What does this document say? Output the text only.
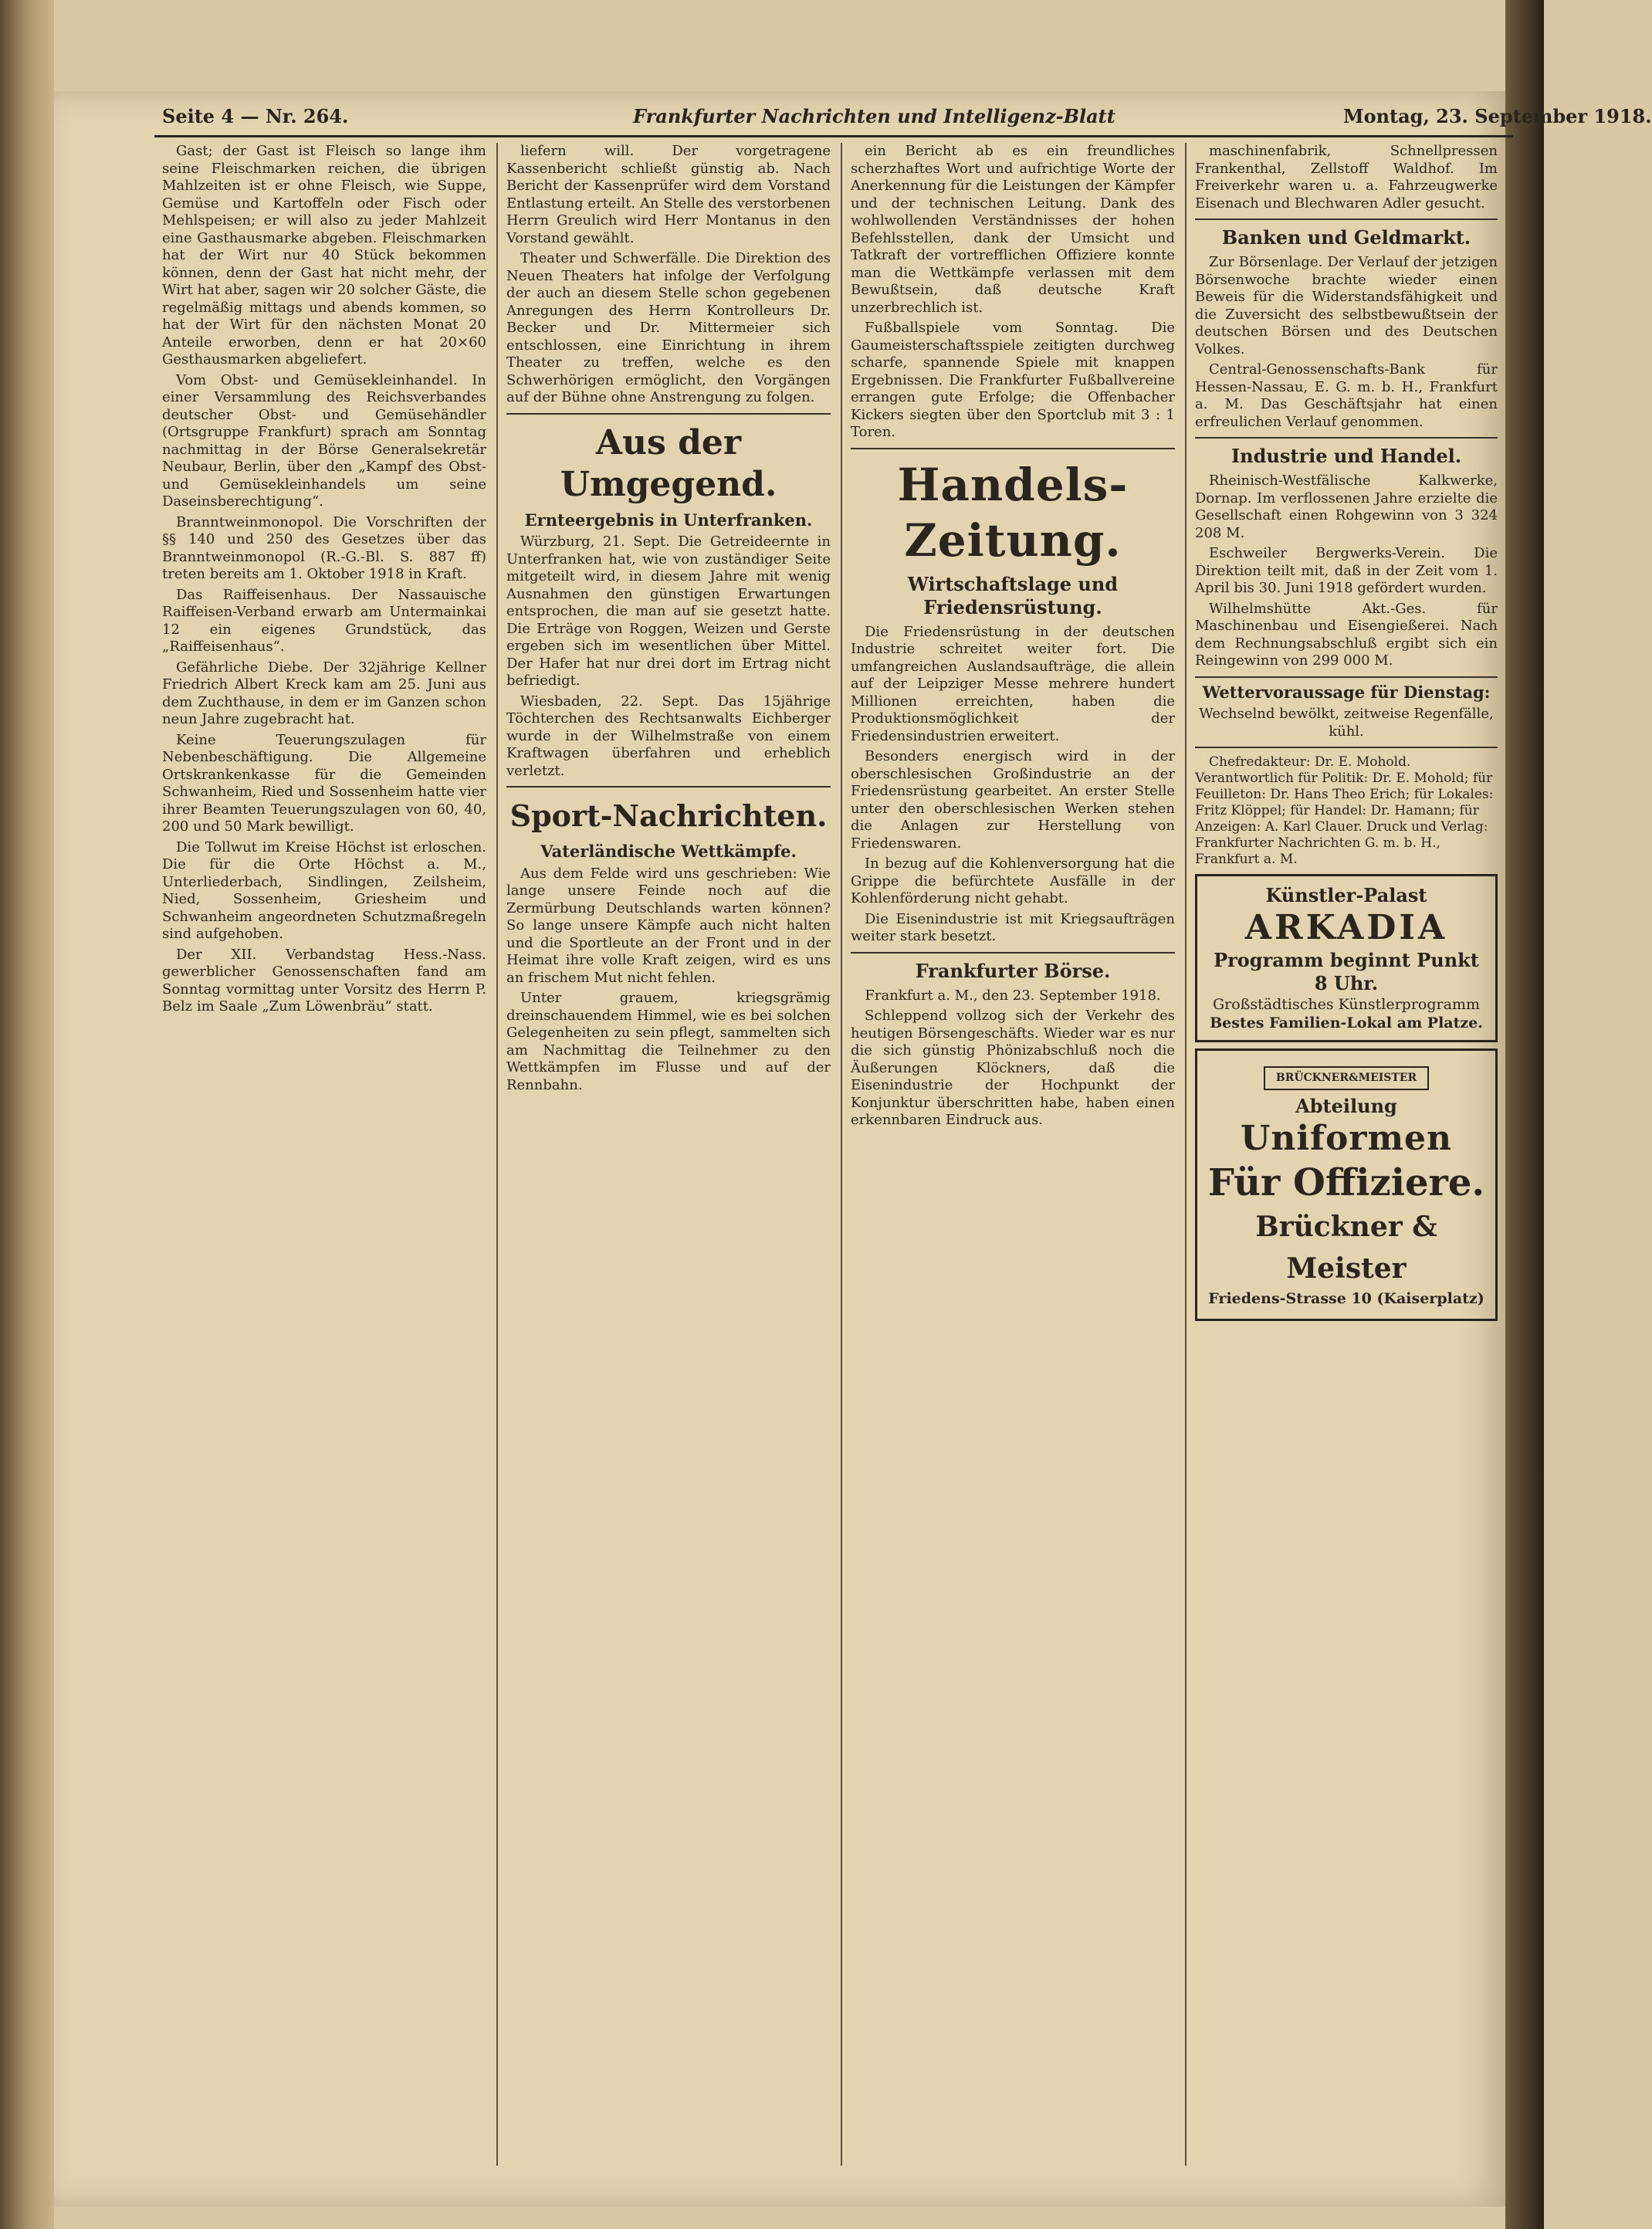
Seite 4 — Nr. 264.	Frankfurter Nachrichten und Intelligenz-Blatt	Montag, 23. September 1918.

Gast; der Gast ist Fleisch so lange ihm seine Fleischmarken reichen, die übrigen Mahlzeiten ist er ohne Fleisch, wie Suppe, Gemüse und Kartoffeln oder Fisch oder Mehlspeisen; er will also zu jeder Mahlzeit eine Gasthausmarke abgeben. Fleischmarken hat der Wirt nur 40 Stück bekommen können, denn der Gast hat nicht mehr, der Wirt hat aber, sagen wir 20 solcher Gäste, die regelmäßig mittags und abends kommen, so hat der Wirt für den nächsten Monat 20 Anteile erworben, denn er hat 20×60 Gesthausmarken abgeliefert.

Vom Obst- und Gemüsekleinhandel. In einer Versammlung des Reichsverbandes deutscher Obst- und Gemüsehändler (Ortsgruppe Frankfurt) sprach am Sonntag nachmittag in der Börse Generalsekretär Neubaur, Berlin, über den „Kampf des Obst- und Gemüsekleinhandels um seine Daseinsberechtigung“.

Branntweinmonopol. Die Vorschriften der §§ 140 und 250 des Gesetzes über das Branntweinmonopol (R.-G.-Bl. S. 887 ff) treten bereits am 1. Oktober 1918 in Kraft.

Das Raiffeisenhaus. Der Nassauische Raiffeisen-Verband erwarb am Untermainkai 12 ein eigenes Grundstück, das „Raiffeisenhaus“.

Gefährliche Diebe. Der 32jährige Kellner Friedrich Albert Kreck kam am 25. Juni aus dem Zuchthause, in dem er im Ganzen schon neun Jahre zugebracht hat.

Keine Teuerungszulagen für Nebenbeschäftigung. Die Allgemeine Ortskrankenkasse für die Gemeinden Schwanheim, Ried und Sossenheim hatte vier ihrer Beamten Teuerungszulagen von 60, 40, 200 und 50 Mark bewilligt.

Die Tollwut im Kreise Höchst ist erloschen. Die für die Orte Höchst a. M., Unterliederbach, Sindlingen, Zeilsheim, Nied, Sossenheim, Griesheim und Schwanheim angeordneten Schutzmaßregeln sind aufgehoben.

Der XII. Verbandstag Hess.-Nass. gewerblicher Genossenschaften fand am Sonntag vormittag unter Vorsitz des Herrn P. Belz im Saale „Zum Löwenbräu“ statt.

liefern will. Der vorgetragene Kassenbericht schließt günstig ab. Nach Bericht der Kassenprüfer wird dem Vorstand Entlastung erteilt. An Stelle des verstorbenen Herrn Greulich wird Herr Montanus in den Vorstand gewählt.

Theater und Schwerfälle. Die Direktion des Neuen Theaters hat infolge der Verfolgung der auch an diesem Stelle schon gegebenen Anregungen des Herrn Kontrolleurs Dr. Becker und Dr. Mittermeier sich entschlossen, eine Einrichtung in ihrem Theater zu treffen, welche es den Schwerhörigen ermöglicht, den Vorgängen auf der Bühne ohne Anstrengung zu folgen.

Aus der Umgegend.
Ernteergebnis in Unterfranken.

Würzburg, 21. Sept. Die Getreideernte in Unterfranken hat, wie von zuständiger Seite mitgeteilt wird, in diesem Jahre mit wenig Ausnahmen den günstigen Erwartungen entsprochen, die man auf sie gesetzt hatte. Die Erträge von Roggen, Weizen und Gerste ergeben sich im wesentlichen über Mittel. Der Hafer hat nur drei dort im Ertrag nicht befriedigt.

Wiesbaden, 22. Sept. Das 15jährige Töchterchen des Rechtsanwalts Eichberger wurde in der Wilhelmstraße von einem Kraftwagen überfahren und erheblich verletzt.

Sport-Nachrichten.
Vaterländische Wettkämpfe.

Aus dem Felde wird uns geschrieben: Wie lange unsere Feinde noch auf die Zermürbung Deutschlands warten können? So lange unsere Kämpfe auch nicht halten und die Sportleute an der Front und in der Heimat ihre volle Kraft zeigen, wird es uns an frischem Mut nicht fehlen.

Unter grauem, kriegsgrämig dreinschauendem Himmel, wie es bei solchen Gelegenheiten zu sein pflegt, sammelten sich am Nachmittag die Teilnehmer zu den Wettkämpfen im Flusse und auf der Rennbahn.

ein Bericht ab es ein freundliches scherzhaftes Wort und aufrichtige Worte der Anerkennung für die Leistungen der Kämpfer und der technischen Leitung. Dank des wohlwollenden Verständnisses der hohen Befehlsstellen, dank der Umsicht und Tatkraft der vortrefflichen Offiziere konnte man die Wettkämpfe verlassen mit dem Bewußtsein, daß deutsche Kraft unzerbrechlich ist.

Fußballspiele vom Sonntag. Die Gaumeisterschaftsspiele zeitigten durchweg scharfe, spannende Spiele mit knappen Ergebnissen. Die Frankfurter Fußballvereine errangen gute Erfolge; die Offenbacher Kickers siegten über den Sportclub mit 3 : 1 Toren.

Handels-Zeitung.
Wirtschaftslage und Friedensrüstung.

Die Friedensrüstung in der deutschen Industrie schreitet weiter fort. Die umfangreichen Auslandsaufträge, die allein auf der Leipziger Messe mehrere hundert Millionen erreichten, haben die Produktionsmöglichkeit der Friedensindustrien erweitert.

Besonders energisch wird in der oberschlesischen Großindustrie an der Friedensrüstung gearbeitet. An erster Stelle unter den oberschlesischen Werken stehen die Anlagen zur Herstellung von Friedenswaren.

In bezug auf die Kohlenversorgung hat die Grippe die befürchtete Ausfälle in der Kohlenförderung nicht gehabt.

Die Eisenindustrie ist mit Kriegsaufträgen weiter stark besetzt.

Frankfurter Börse.

Frankfurt a. M., den 23. September 1918.

Schleppend vollzog sich der Verkehr des heutigen Börsengeschäfts. Wieder war es nur die sich günstig Phönizabschluß noch die Äußerungen Klöckners, daß die Eisenindustrie der Hochpunkt der Konjunktur überschritten habe, haben einen erkennbaren Eindruck aus.

maschinenfabrik, Schnellpressen Frankenthal, Zellstoff Waldhof. Im Freiverkehr waren u. a. Fahrzeugwerke Eisenach und Blechwaren Adler gesucht.

Banken und Geldmarkt.

Zur Börsenlage. Der Verlauf der jetzigen Börsenwoche brachte wieder einen Beweis für die Widerstandsfähigkeit und die Zuversicht des selbstbewußtsein der deutschen Börsen und des Deutschen Volkes.

Central-Genossenschafts-Bank für Hessen-Nassau, E. G. m. b. H., Frankfurt a. M. Das Geschäftsjahr hat einen erfreulichen Verlauf genommen.

Industrie und Handel.

Rheinisch-Westfälische Kalkwerke, Dornap. Im verflossenen Jahre erzielte die Gesellschaft einen Rohgewinn von 3 324 208 M.

Eschweiler Bergwerks-Verein. Die Direktion teilt mit, daß in der Zeit vom 1. April bis 30. Juni 1918 gefördert wurden.

Wilhelmshütte Akt.-Ges. für Maschinenbau und Eisengießerei. Nach dem Rechnungsabschluß ergibt sich ein Reingewinn von 299 000 M.

Wettervoraussage für Dienstag:

Wechselnd bewölkt, zeitweise Regenfälle, kühl.

Chefredakteur: Dr. E. Mohold. Verantwortlich für Politik: Dr. E. Mohold; für Feuilleton: Dr. Hans Theo Erich; für Lokales: Fritz Klöppel; für Handel: Dr. Hamann; für Anzeigen: A. Karl Clauer. Druck und Verlag: Frankfurter Nachrichten G. m. b. H., Frankfurt a. M.

Künstler-Palast
ARKADIA
Programm beginnt Punkt 8 Uhr.
Großstädtisches Künstlerprogramm
Bestes Familien-Lokal am Platze.
BRÜCKNER&MEISTER
Abteilung
Uniformen
Für Offiziere.
Brückner & Meister
Friedens-Strasse 10 (Kaiserplatz)
